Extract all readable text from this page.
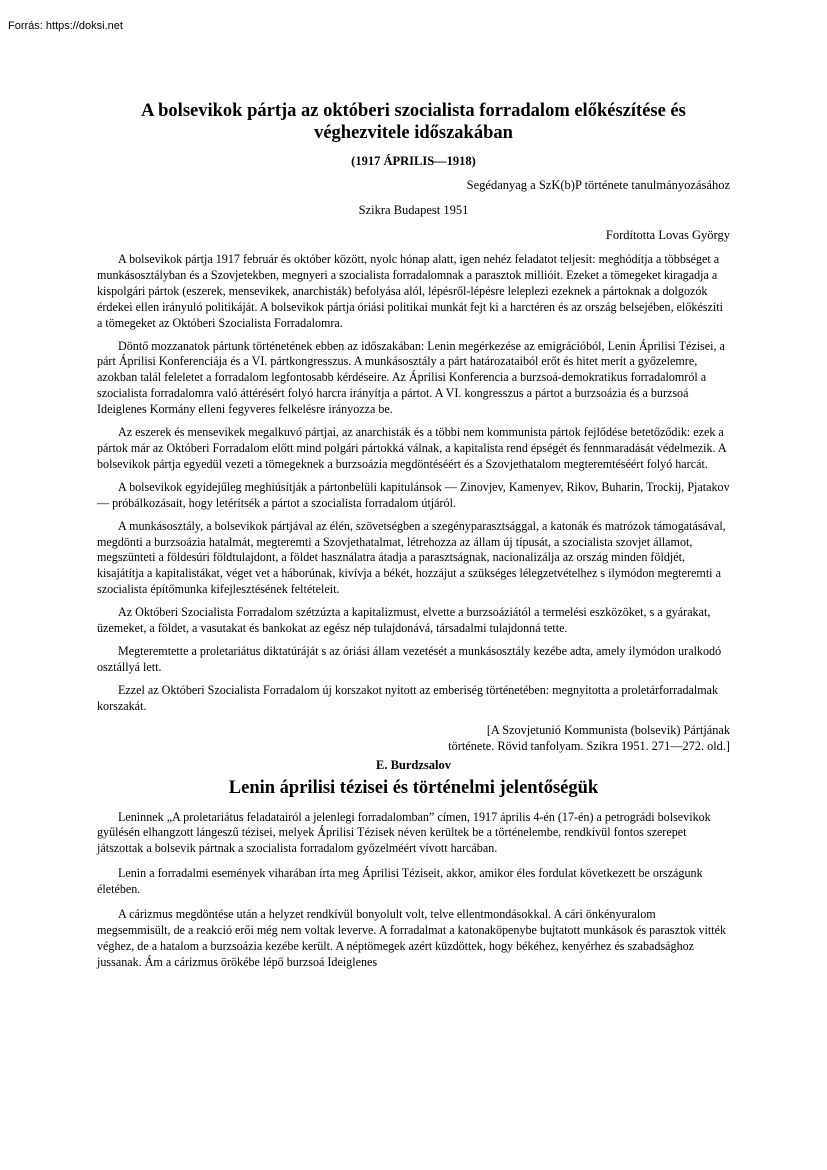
Forrás: https://doksi.net
A bolsevikok pártja az októberi szocialista forradalom előkészítése és véghezvitele időszakában
(1917 ÁPRILIS—1918)
Segédanyag a SzK(b)P története tanulmányozásához
Szikra Budapest 1951
Fordította Lovas György

A bolsevikok pártja 1917 február és október között, nyolc hónap alatt, igen nehéz feladatot teljesít: meghódítja a többséget a munkásosztályban és a Szovjetekben, megnyeri a szocialista forradalomnak a parasztok millióit. Ezeket a tömegeket kiragadja a kispolgári pártok (eszerek, mensevikek, anarchisták) befolyása alól, lépésről-lépésre leleplezi ezeknek a pártoknak a dolgozók érdekei ellen irányuló politikáját. A bolsevikok pártja óriási politikai munkát fejt ki a harctéren és az ország belsejében, előkészíti a tömegeket az Októberi Szocialista Forradalomra.

Döntő mozzanatok pártunk történetének ebben az időszakában: Lenin megérkezése az emigrációból, Lenin Áprilisi Tézisei, a párt Áprilisi Konferenciája és a VI. pártkongresszus. A munkásosztály a párt határozataiból erőt és hitet merít a győzelemre, azokban talál feleletet a forradalom legfontosabb kérdéseire. Az Áprilisi Konferencia a burzsoá-demokratikus forradalomról a szocialista forradalomra való áttérésért folyó harcra irányítja a pártot. A VI. kongresszus a pártot a burzsoázia és a burzsoá Ideiglenes Kormány elleni fegyveres felkelésre irányozza be.

Az eszerek és mensevikek megalkuvó pártjai, az anarchisták és a többi nem kommunista pártok fejlődése betetőződik: ezek a pártok már az Októberi Forradalom előtt mind polgári pártokká válnak, a kapitalista rend épségét és fennmaradását védelmezik. A bolsevikok pártja egyedül vezeti a tömegeknek a burzsoázia megdöntéséért és a Szovjethatalom megteremtéséért folyó harcát.

A bolsevikok egyidejűleg meghiúsítják a pártonbelüli kapitulánsok — Zinovjev, Kamenyev, Rikov, Buharin, Trockij, Pjatakov — próbálkozásait, hogy letérítsék a pártot a szocialista forradalom útjáról.

A munkásosztály, a bolsevikok pártjával az élén, szövetségben a szegényparasztsággal, a katonák és matrózok támogatásával, megdönti a burzsoázia hatalmát, megteremti a Szovjethatalmat, létrehozza az állam új típusát, a szocialista szovjet államot, megszünteti a földesúri földtulajdont, a földet használatra átadja a parasztságnak, nacionalizálja az ország minden földjét, kisajátítja a kapitalistákat, véget vet a háborúnak, kivívja a békét, hozzájut a szükséges lélegzetvételhez s ilymódon megteremti a szocialista építőmunka kifejlesztésének feltételeit.

Az Októberi Szocialista Forradalom szétzúzta a kapitalizmust, elvette a burzsoáziától a termelési eszközöket, s a gyárakat, üzemeket, a földet, a vasutakat és bankokat az egész nép tulajdonává, társadalmi tulajdonná tette.

Megteremtette a proletariátus diktatúráját s az óriási állam vezetését a munkásosztály kezébe adta, amely ilymódon uralkodó osztállyá lett.

Ezzel az Októberi Szocialista Forradalom új korszakot nyitott az emberiség történetében: megnyitotta a proletárforradalmak korszakát.

[A Szovjetunió Kommunista (bolsevik) Pártjának
története. Rövid tanfolyam. Szikra 1951. 271—272. old.]
E. Burdzsalov
Lenin áprilisi tézisei és történelmi jelentőségük

Leninnek „A proletariátus feladatairól a jelenlegi forradalomban” címen, 1917 április 4-én (17-én) a petrográdi bolsevikok gyűlésén elhangzott lángeszű tézisei, melyek Áprilisi Tézisek néven kerültek be a történelembe, rendkívül fontos szerepet játszottak a bolsevik pártnak a szocialista forradalom győzelméért vívott harcában.

Lenin a forradalmi események viharában írta meg Áprilisi Téziseit, akkor, amikor éles fordulat következett be országunk életében.

A cárizmus megdöntése után a helyzet rendkívül bonyolult volt, telve ellentmondásokkal. A cári önkényuralom megsemmisült, de a reakció erői még nem voltak leverve. A forradalmat a katonaköpenybe bujtatott munkások és parasztok vitték véghez, de a hatalom a burzsoázia kezébe került. A néptömegek azért küzdöttek, hogy békéhez, kenyérhez és szabadsághoz jussanak. Ám a cárizmus örökébe lépő burzsoá Ideiglenes
